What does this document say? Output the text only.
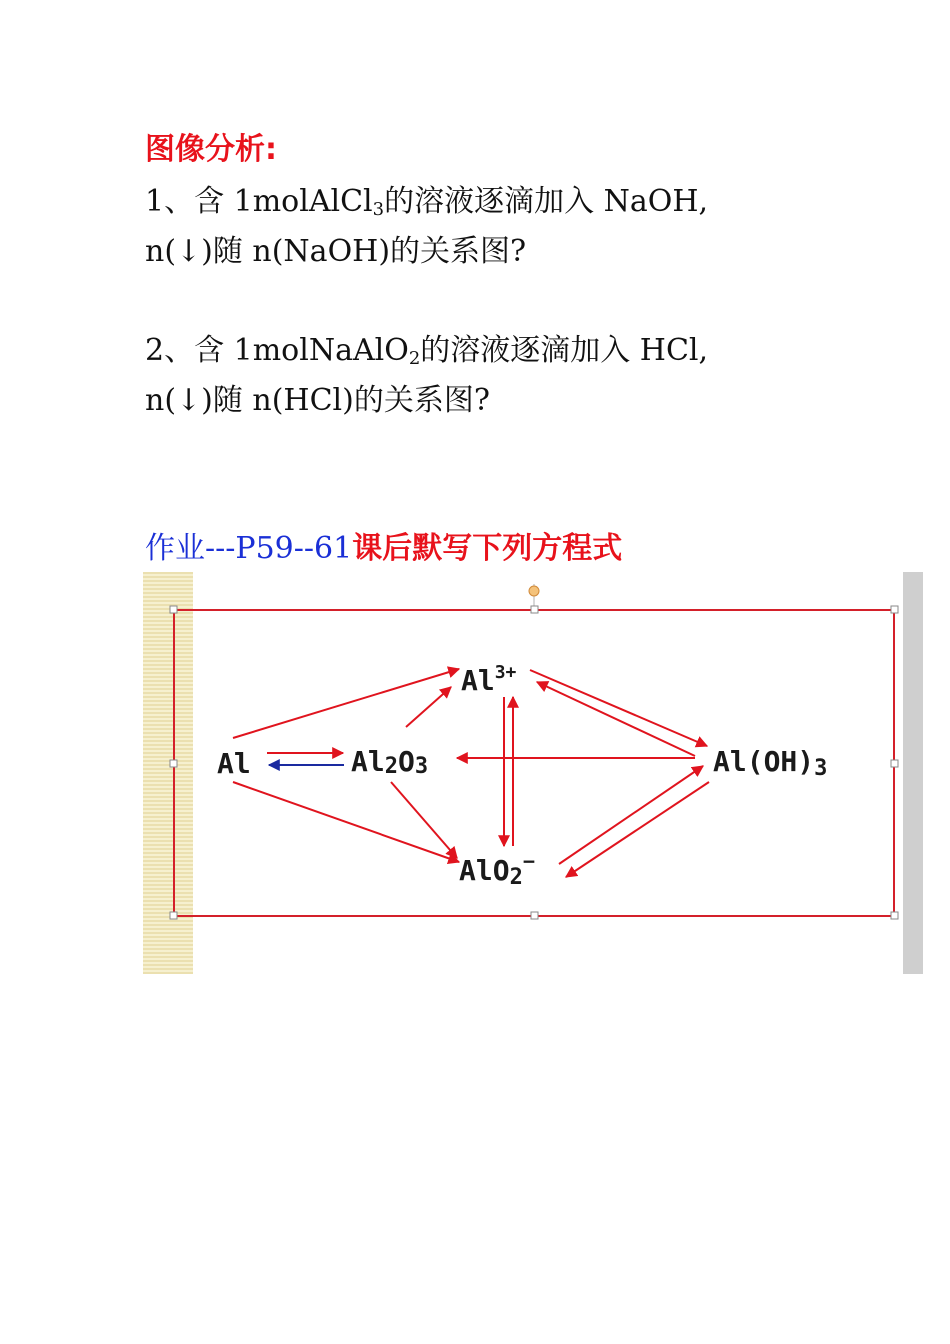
图像分析:
1、含 1molAlCl$_3$的溶液逐滴加入 NaOH,
n(↓)随 n(NaOH)的关系图?
2、含 1molNaAlO$_2$的溶液逐滴加入 HCl,
n(↓)随 n(HCl)的关系图?
作业---P59--61课后默写下列方程式
Al	Al2O3
$Al^{3+}$
AlO2−
Al(OH)3
